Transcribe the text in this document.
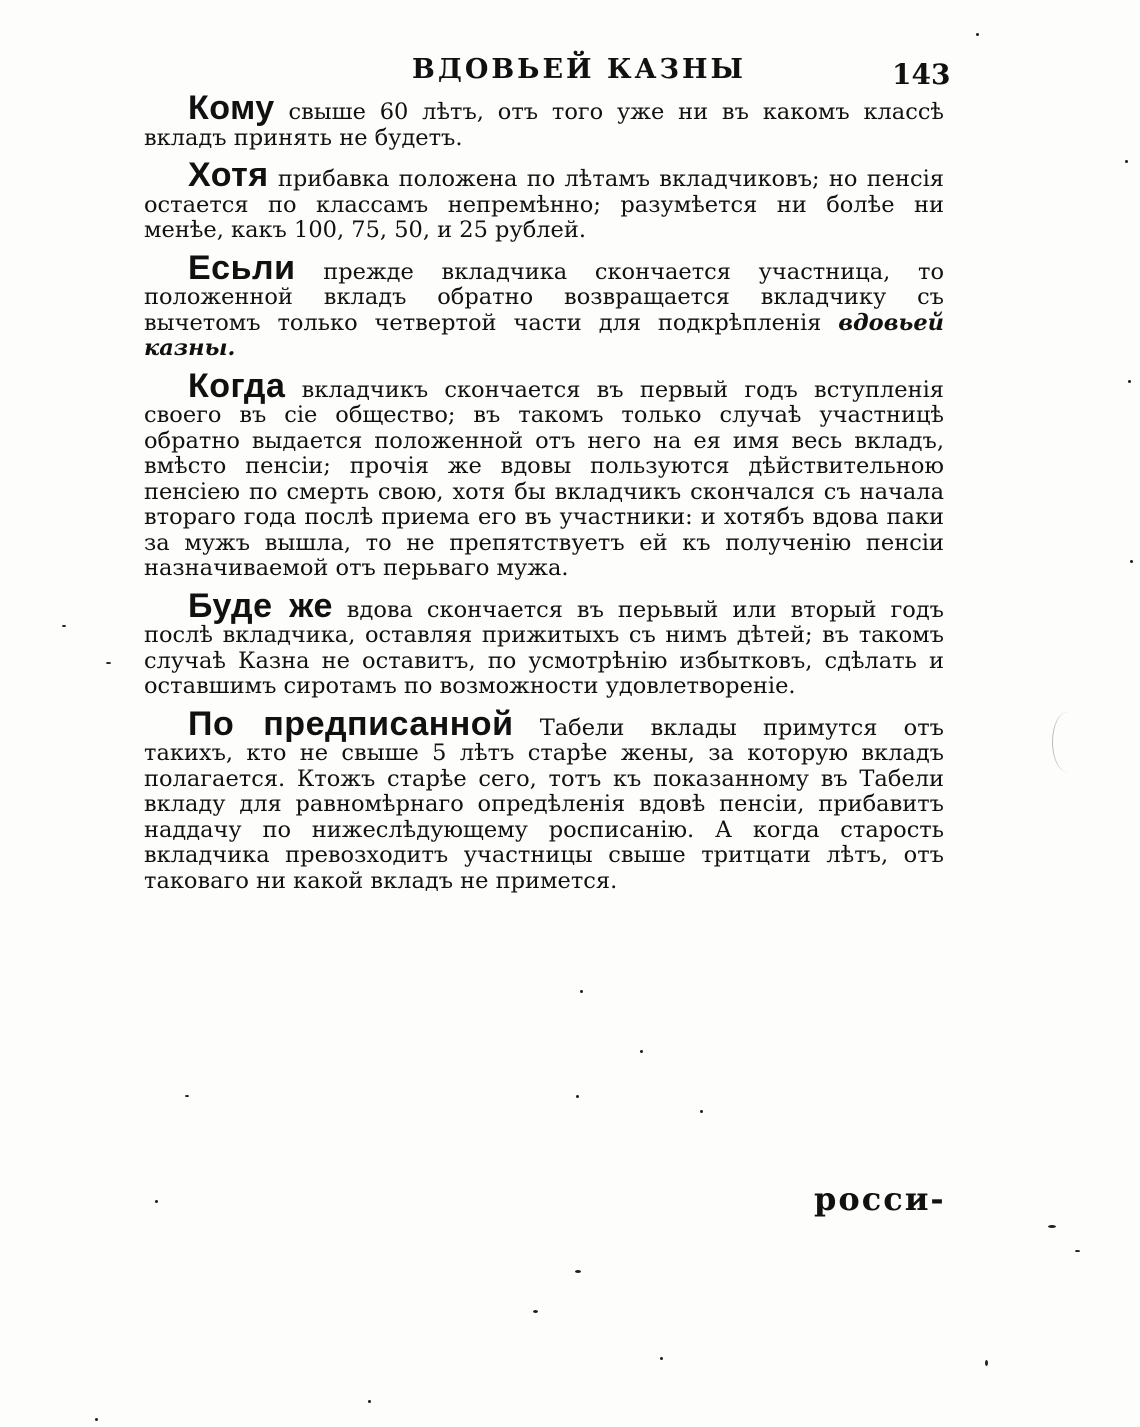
ВДОВЬЕЙ КАЗНЫ	143

Кому свыше 60 лѣтъ, отъ того уже ни въ какомъ классѣ вкладъ принять не будетъ.

Хотя прибавка положена по лѣтамъ вкладчиковъ; но пенсія остается по классамъ непремѣнно; разумѣется ни болѣе ни менѣе, какъ 100, 75, 50, и 25 рублей.

Есьли прежде вкладчика скончается участница, то положенной вкладъ обратно возвращается вкладчику съ вычетомъ только четвертой части для подкрѣпленія вдовьей казны.

Когда вкладчикъ скончается въ первый годъ вступленія своего въ сіе общество; въ такомъ только случаѣ участницѣ обратно выдается положенной отъ него на ея имя весь вкладъ, вмѣсто пенсіи; прочія же вдовы пользуются дѣйствительною пенсіею по смерть свою, хотя бы вкладчикъ скончался съ начала втораго года послѣ приема его въ участники: и хотябъ вдова паки за мужъ вышла, то не препятствуетъ ей къ полученію пенсіи назначиваемой отъ перьваго мужа.

Буде же вдова скончается въ перьвый или вторый годъ послѣ вкладчика, оставляя прижитыхъ съ нимъ дѣтей; въ такомъ случаѣ Казна не оставитъ, по усмотрѣнію избытковъ, сдѣлать и оставшимъ сиротамъ по возможности удовлетвореніе.

По предписанной Табели вклады примутся отъ такихъ, кто не свыше 5 лѣтъ старѣе жены, за которую вкладъ полагается. Ктожъ старѣе сего, тотъ къ показанному въ Табели вкладу для равномѣрнаго опредѣленія вдовѣ пенсіи, прибавитъ наддачу по нижеслѣдующему росписанію. А когда старость вкладчика превозходитъ участницы свыше тритцати лѣтъ, отъ таковаго ни какой вкладъ не примется.

росси-
